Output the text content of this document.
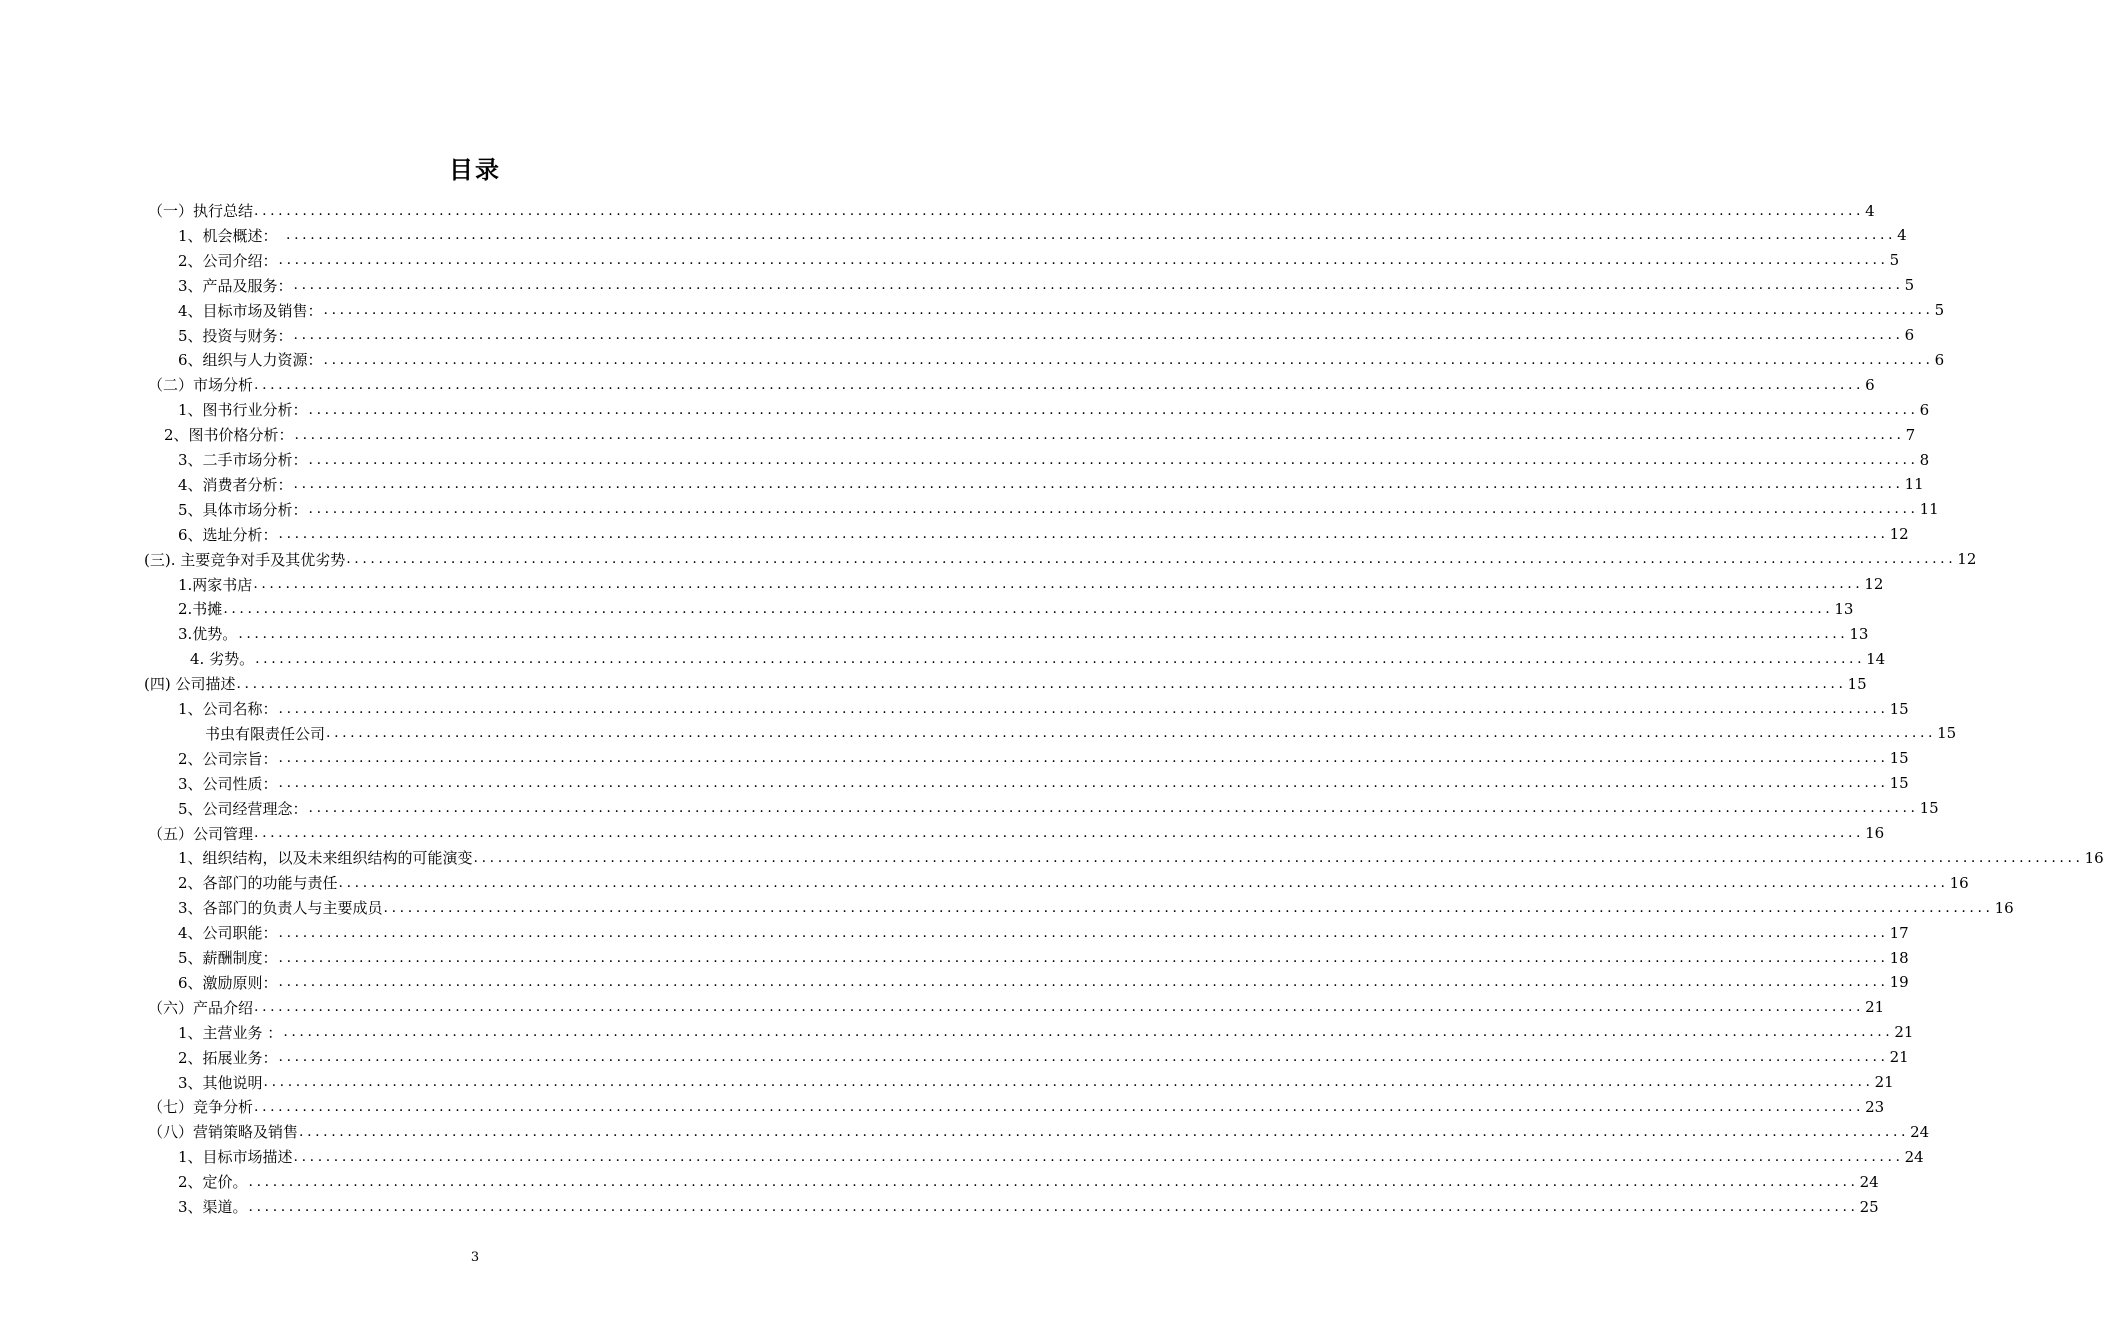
目录
（一）执行总结 ........................................................................................................................................................................................................ 4
1、机会概述：　 ........................................................................................................................................................................................................ 4
2、公司介绍： ........................................................................................................................................................................................................ 5
3、产品及服务： ........................................................................................................................................................................................................ 5
4、目标市场及销售： ........................................................................................................................................................................................................ 5
5、投资与财务： ........................................................................................................................................................................................................ 6
6、组织与人力资源： ........................................................................................................................................................................................................ 6
（二）市场分析 ........................................................................................................................................................................................................ 6
1、图书行业分析： ........................................................................................................................................................................................................ 6
2、图书价格分析： ........................................................................................................................................................................................................ 7
3、二手市场分析： ........................................................................................................................................................................................................ 8
4、消费者分析： ........................................................................................................................................................................................................ 11
5、具体市场分析： ........................................................................................................................................................................................................ 11
6、选址分析： ........................................................................................................................................................................................................ 12
(三). 主要竞争对手及其优劣势 ........................................................................................................................................................................................................ 12
1.两家书店 ........................................................................................................................................................................................................ 12
2.书摊 ........................................................................................................................................................................................................ 13
3.优势。 ........................................................................................................................................................................................................ 13
4. 劣势。 ........................................................................................................................................................................................................ 14
(四) 公司描述 ........................................................................................................................................................................................................ 15
1、公司名称： ........................................................................................................................................................................................................ 15
书虫有限责任公司 ........................................................................................................................................................................................................ 15
2、公司宗旨： ........................................................................................................................................................................................................ 15
3、公司性质： ........................................................................................................................................................................................................ 15
5、公司经营理念： ........................................................................................................................................................................................................ 15
（五）公司管理 ........................................................................................................................................................................................................ 16
1、组织结构，以及未来组织结构的可能演变 ........................................................................................................................................................................................................ 16
2、各部门的功能与责任 ........................................................................................................................................................................................................ 16
3、各部门的负责人与主要成员 ........................................................................................................................................................................................................ 16
4、公司职能： ........................................................................................................................................................................................................ 17
5、薪酬制度： ........................................................................................................................................................................................................ 18
6、激励原则： ........................................................................................................................................................................................................ 19
（六）产品介绍 ........................................................................................................................................................................................................ 21
1、主营业务 ： ........................................................................................................................................................................................................ 21
2、拓展业务： ........................................................................................................................................................................................................ 21
3、其他说明 ........................................................................................................................................................................................................ 21
（七）竞争分析 ........................................................................................................................................................................................................ 23
（八）营销策略及销售 ........................................................................................................................................................................................................ 24
1、目标市场描述 ........................................................................................................................................................................................................ 24
2、定价。 ........................................................................................................................................................................................................ 24
3、渠道。 ........................................................................................................................................................................................................ 25
3
